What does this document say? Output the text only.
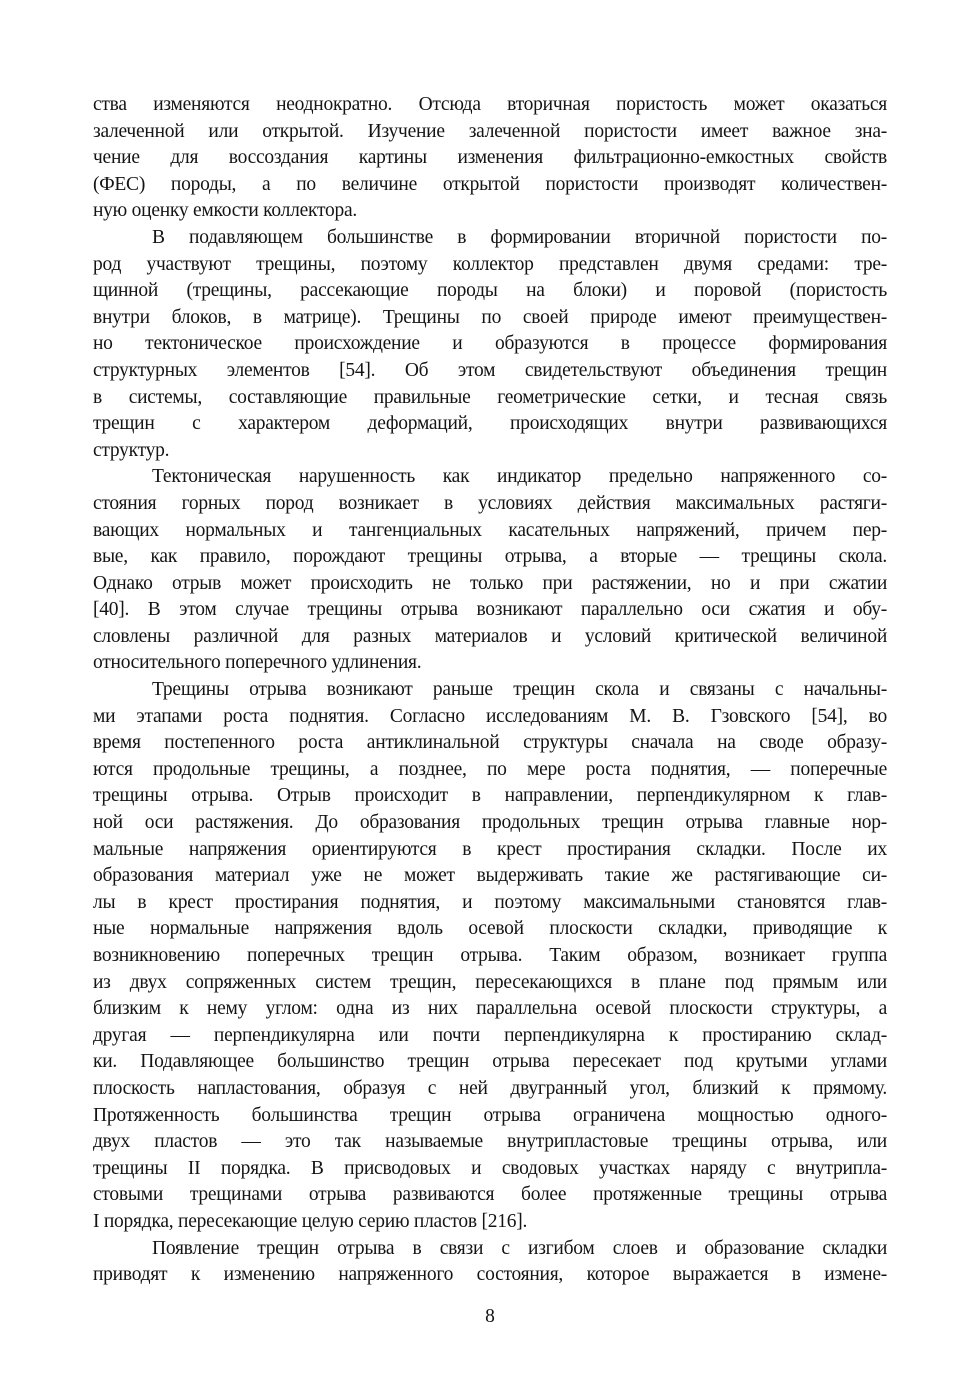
ства изменяются неоднократно. Отсюда вторичная пористость может оказаться
залеченной или открытой. Изучение залеченной пористости имеет важное зна-
чение для воссоздания картины изменения фильтрационно-емкостных свойств
(ФЕС) породы, а по величине открытой пористости производят количествен-
ную оценку емкости коллектора.
В подавляющем большинстве в формировании вторичной пористости по-
род участвуют трещины, поэтому коллектор представлен двумя средами: тре-
щинной (трещины, рассекающие породы на блоки) и поровой (пористость
внутри блоков, в матрице). Трещины по своей природе имеют преимуществен-
но тектоническое происхождение и образуются в процессе формирования
структурных элементов [54]. Об этом свидетельствуют объединения трещин
в системы, составляющие правильные геометрические сетки, и тесная связь
трещин с характером деформаций, происходящих внутри развивающихся
структур.
Тектоническая нарушенность как индикатор предельно напряженного со-
стояния горных пород возникает в условиях действия максимальных растяги-
вающих нормальных и тангенциальных касательных напряжений, причем пер-
вые, как правило, порождают трещины отрыва, а вторые — трещины скола.
Однако отрыв может происходить не только при растяжении, но и при сжатии
[40]. В этом случае трещины отрыва возникают параллельно оси сжатия и обу-
словлены различной для разных материалов и условий критической величиной
относительного поперечного удлинения.
Трещины отрыва возникают раньше трещин скола и связаны с начальны-
ми этапами роста поднятия. Согласно исследованиям М. В. Гзовского [54], во
время постепенного роста антиклинальной структуры сначала на своде образу-
ются продольные трещины, а позднее, по мере роста поднятия, — поперечные
трещины отрыва. Отрыв происходит в направлении, перпендикулярном к глав-
ной оси растяжения. До образования продольных трещин отрыва главные нор-
мальные напряжения ориентируются в крест простирания складки. После их
образования материал уже не может выдерживать такие же растягивающие си-
лы в крест простирания поднятия, и поэтому максимальными становятся глав-
ные нормальные напряжения вдоль осевой плоскости складки, приводящие к
возникновению поперечных трещин отрыва. Таким образом, возникает группа
из двух сопряженных систем трещин, пересекающихся в плане под прямым или
близким к нему углом: одна из них параллельна осевой плоскости структуры, а
другая — перпендикулярна или почти перпендикулярна к простиранию склад-
ки. Подавляющее большинство трещин отрыва пересекает под крутыми углами
плоскость напластования, образуя с ней двугранный угол, близкий к прямому.
Протяженность большинства трещин отрыва ограничена мощностью одного-
двух пластов — это так называемые внутрипластовые трещины отрыва, или
трещины II порядка. В присводовых и сводовых участках наряду с внутрипла-
стовыми трещинами отрыва развиваются более протяженные трещины отрыва
I порядка, пересекающие целую серию пластов [216].
Появление трещин отрыва в связи с изгибом слоев и образование складки
приводят к изменению напряженного состояния, которое выражается в измене-
8
